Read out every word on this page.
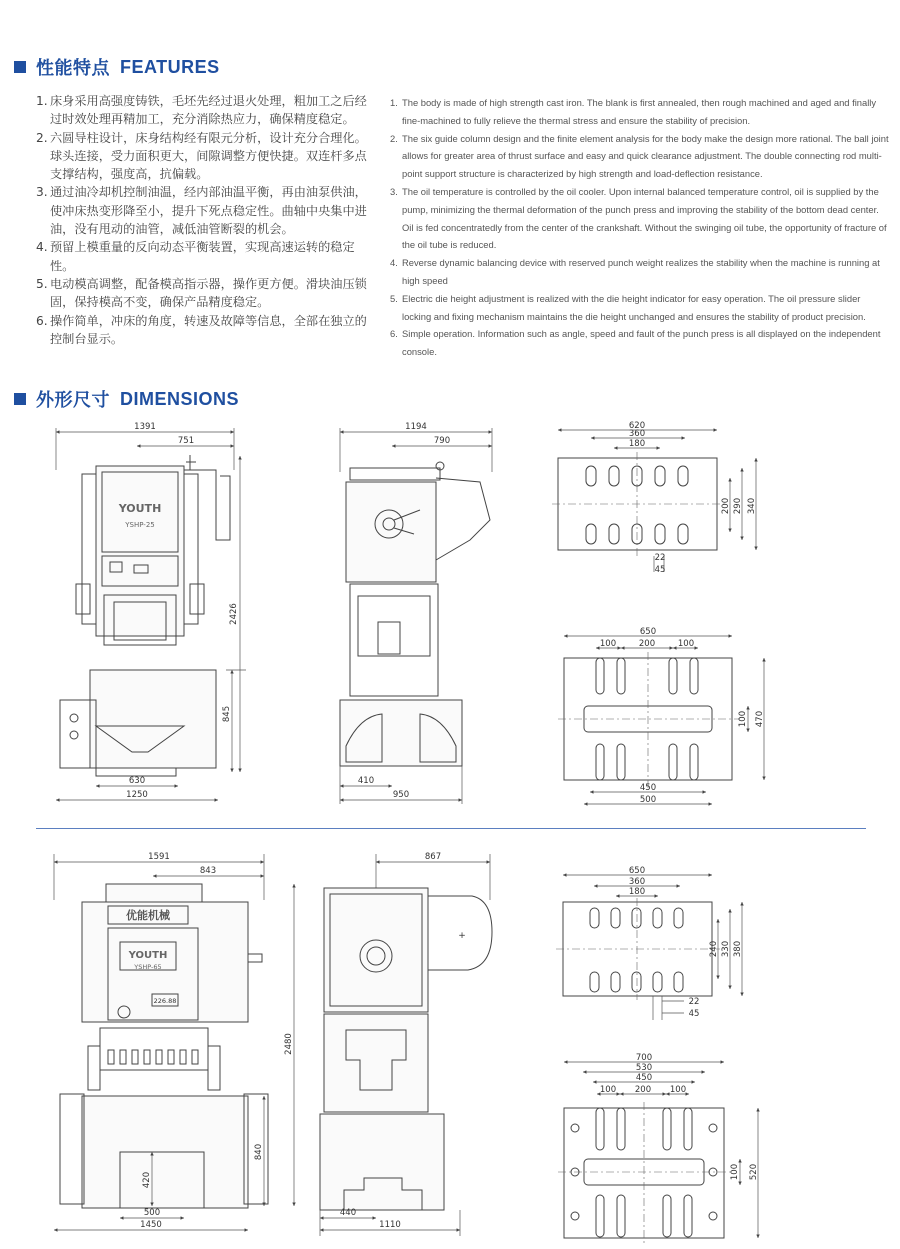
性能特点 FEATURES
1. 床身采用高强度铸铁，毛坯先经过退火处理，粗加工之后经过时效处理再精加工，充分消除热应力，确保精度稳定。
2. 六圆导柱设计，床身结构经有限元分析，设计充分合理化。球头连接，受力面积更大，间隙调整方便快捷。双连杆多点支撑结构，强度高，抗偏载。
3. 通过油冷却机控制油温，经内部油温平衡，再由油泵供油，使冲床热变形降至小，提升下死点稳定性。曲轴中央集中进油，没有甩动的油管，减低油管断裂的机会。
4. 预留上模重量的反向动态平衡装置，实现高速运转的稳定性。
5. 电动模高调整，配备模高指示器，操作更方便。滑块油压锁固，保持模高不变，确保产品精度稳定。
6. 操作简单，冲床的角度，转速及故障等信息，全部在独立的控制台显示。
1. The body is made of high strength cast iron. The blank is first annealed, then rough machined and aged and finally fine-machined to fully relieve the thermal stress and ensure the stability of precision.
2. The six guide column design and the finite element analysis for the body make the design more rational. The ball joint allows for greater area of thrust surface and easy and quick clearance adjustment. The double connecting rod multi-point support structure is characterized by high strength and load-deflection resistance.
3. The oil temperature is controlled by the oil cooler. Upon internal balanced temperature control, oil is supplied by the pump, minimizing the thermal deformation of the punch press and improving the stability of the bottom dead center. Oil is fed concentratedly from the center of the crankshaft. Without the swinging oil tube, the opportunity of fracture of the oil tube is reduced.
4. Reverse dynamic balancing device with reserved punch weight realizes the stability when the machine is running at high speed
5. Electric die height adjustment is realized with the die height indicator for easy operation. The oil pressure slider locking and fixing mechanism maintains the die height unchanged and ensures the stability of product precision.
6. Simple operation. Information such as angle, speed and fault of the punch press is all displayed on the independent console.
外形尺寸 DIMENSIONS
1391
751
YOUTH
YSHP-25
2426
845
630
1250
1194
790
410
950
620
360
180
200 290 340
22
45
650
100	200	100
100 470
450
500
1591
843
优能机械
YOUTH
YSHP-65
226.88
2480
840
420
500
1450
867
+
440
1110
650
360
180
240 330 380
22
45
700
530
450
100 200 100
100 520
